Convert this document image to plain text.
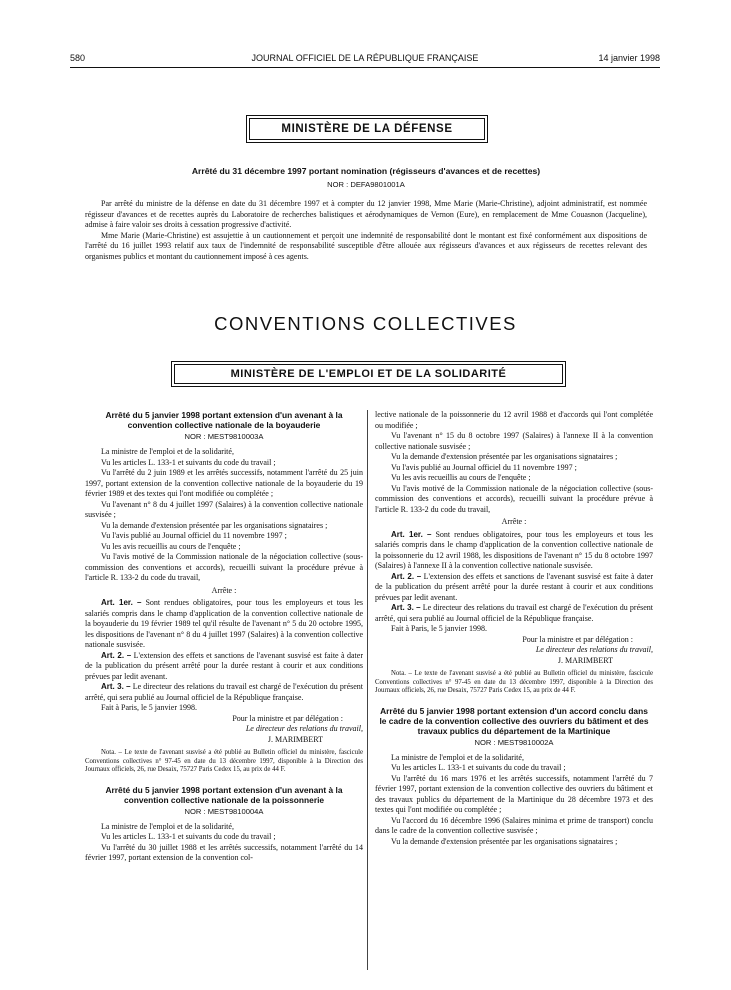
580	JOURNAL OFFICIEL DE LA RÉPUBLIQUE FRANÇAISE	14 janvier 1998
MINISTÈRE DE LA DÉFENSE
Arrêté du 31 décembre 1997 portant nomination (régisseurs d'avances et de recettes)
NOR : DEFA9801001A

Par arrêté du ministre de la défense en date du 31 décembre 1997 et à compter du 12 janvier 1998, Mme Marie (Marie-Christine), adjoint administratif, est nommée régisseur d'avances et de recettes auprès du Laboratoire de recherches balistiques et aérodynamiques de Vernon (Eure), en remplacement de Mme Couasnon (Jacqueline), admise à faire valoir ses droits à cessation progressive d'activité.

Mme Marie (Marie-Christine) est assujettie à un cautionnement et perçoit une indemnité de responsabilité dont le montant est fixé conformément aux dispositions de l'arrêté du 16 juillet 1993 relatif aux taux de l'indemnité de responsabilité susceptible d'être allouée aux régisseurs d'avances et aux régisseurs de recettes relevant des organismes publics et montant du cautionnement imposé à ces agents.

CONVENTIONS COLLECTIVES
MINISTÈRE DE L'EMPLOI ET DE LA SOLIDARITÉ
Arrêté du 5 janvier 1998 portant extension d'un avenant à la convention collective nationale de la boyauderie
NOR : MEST9810003A

La ministre de l'emploi et de la solidarité,

Vu les articles L. 133-1 et suivants du code du travail ;

Vu l'arrêté du 2 juin 1989 et les arrêtés successifs, notamment l'arrêté du 25 juin 1997, portant extension de la convention collective nationale de la boyauderie du 19 février 1989 et des textes qui l'ont modifiée ou complétée ;

Vu l'avenant n° 8 du 4 juillet 1997 (Salaires) à la convention collective nationale susvisée ;

Vu la demande d'extension présentée par les organisations signataires ;

Vu l'avis publié au Journal officiel du 11 novembre 1997 ;

Vu les avis recueillis au cours de l'enquête ;

Vu l'avis motivé de la Commission nationale de la négociation collective (sous-commission des conventions et accords), recueilli suivant la procédure prévue à l'article R. 133-2 du code du travail,

Arrête :

Art. 1er. – Sont rendues obligatoires, pour tous les employeurs et tous les salariés compris dans le champ d'application de la convention collective nationale de la boyauderie du 19 février 1989 tel qu'il résulte de l'avenant n° 5 du 20 octobre 1995, les dispositions de l'avenant n° 8 du 4 juillet 1997 (Salaires) à la convention collective nationale susvisée.

Art. 2. – L'extension des effets et sanctions de l'avenant susvisé est faite à dater de la publication du présent arrêté pour la durée restant à courir et aux conditions prévues par ledit avenant.

Art. 3. – Le directeur des relations du travail est chargé de l'exécution du présent arrêté, qui sera publié au Journal officiel de la République française.

Fait à Paris, le 5 janvier 1998.

Pour la ministre et par délégation :

Le directeur des relations du travail,

J. MARIMBERT

Nota. – Le texte de l'avenant susvisé a été publié au Bulletin officiel du ministère, fascicule Conventions collectives n° 97-45 en date du 13 décembre 1997, disponible à la Direction des Journaux officiels, 26, rue Desaix, 75727 Paris Cedex 15, au prix de 44 F.

Arrêté du 5 janvier 1998 portant extension d'un avenant à la convention collective nationale de la poissonnerie
NOR : MEST9810004A

La ministre de l'emploi et de la solidarité,

Vu les articles L. 133-1 et suivants du code du travail ;

Vu l'arrêté du 30 juillet 1988 et les arrêtés successifs, notamment l'arrêté du 14 février 1997, portant extension de la convention col-

lective nationale de la poissonnerie du 12 avril 1988 et d'accords qui l'ont complétée ou modifiée ;

Vu l'avenant n° 15 du 8 octobre 1997 (Salaires) à l'annexe II à la convention collective nationale susvisée ;

Vu la demande d'extension présentée par les organisations signataires ;

Vu l'avis publié au Journal officiel du 11 novembre 1997 ;

Vu les avis recueillis au cours de l'enquête ;

Vu l'avis motivé de la Commission nationale de la négociation collective (sous-commission des conventions et accords), recueilli suivant la procédure prévue à l'article R. 133-2 du code du travail,

Arrête :

Art. 1er. – Sont rendues obligatoires, pour tous les employeurs et tous les salariés compris dans le champ d'application de la convention collective nationale de la poissonnerie du 12 avril 1988, les dispositions de l'avenant n° 15 du 8 octobre 1997 (Salaires) à l'annexe II à la convention collective nationale susvisée.

Art. 2. – L'extension des effets et sanctions de l'avenant susvisé est faite à dater de la publication du présent arrêté pour la durée restant à courir et aux conditions prévues par ledit avenant.

Art. 3. – Le directeur des relations du travail est chargé de l'exécution du présent arrêté, qui sera publié au Journal officiel de la République française.

Fait à Paris, le 5 janvier 1998.

Pour la ministre et par délégation :

Le directeur des relations du travail,

J. MARIMBERT

Nota. – Le texte de l'avenant susvisé a été publié au Bulletin officiel du ministère, fascicule Conventions collectives n° 97-45 en date du 13 décembre 1997, disponible à la Direction des Journaux officiels, 26, rue Desaix, 75727 Paris Cedex 15, au prix de 44 F.

Arrêté du 5 janvier 1998 portant extension d'un accord conclu dans le cadre de la convention collective des ouvriers du bâtiment et des travaux publics du département de la Martinique
NOR : MEST9810002A

La ministre de l'emploi et de la solidarité,

Vu les articles L. 133-1 et suivants du code du travail ;

Vu l'arrêté du 16 mars 1976 et les arrêtés successifs, notamment l'arrêté du 7 février 1997, portant extension de la convention collective des ouvriers du bâtiment et des travaux publics du département de la Martinique du 28 décembre 1973 et des textes qui l'ont modifiée ou complétée ;

Vu l'accord du 16 décembre 1996 (Salaires minima et prime de transport) conclu dans le cadre de la convention collective susvisée ;

Vu la demande d'extension présentée par les organisations signataires ;
